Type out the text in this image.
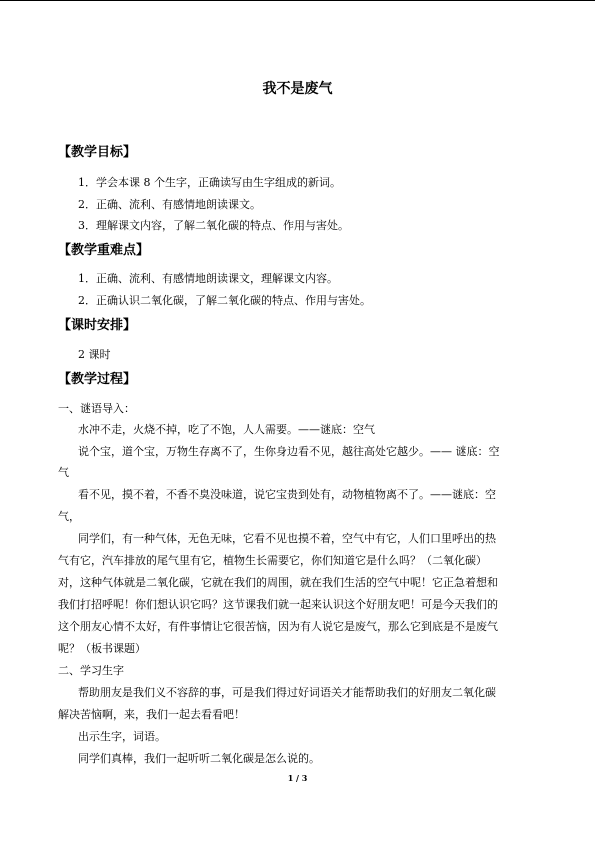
我不是废气
【教学目标】
1．学会本课 8 个生字，正确读写由生字组成的新词。
2．正确、流利、有感情地朗读课文。
3．理解课文内容，了解二氧化碳的特点、作用与害处。
【教学重难点】
1．正确、流利、有感情地朗读课文，理解课文内容。
2．正确认识二氧化碳，了解二氧化碳的特点、作用与害处。
【课时安排】
2 课时
【教学过程】
一、谜语导入：
水冲不走，火烧不掉，吃了不饱，人人需要。——谜底：空气
说个宝，道个宝，万物生存离不了，生你身边看不见，越往高处它越少。—— 谜底：空
气
看不见，摸不着，不香不臭没味道，说它宝贵到处有，动物植物离不了。——谜底：空
气，
同学们，有一种气体，无色无味，它看不见也摸不着，空气中有它，人们口里呼出的热
气有它，汽车排放的尾气里有它，植物生长需要它，你们知道它是什么吗？（二氧化碳）
对，这种气体就是二氧化碳，它就在我们的周围，就在我们生活的空气中呢！它正急着想和
我们打招呼呢！你们想认识它吗？这节课我们就一起来认识这个好朋友吧！可是今天我们的
这个朋友心情不太好，有件事情让它很苦恼，因为有人说它是废气，那么它到底是不是废气
呢？（板书课题）
二、学习生字
帮助朋友是我们义不容辞的事，可是我们得过好词语关才能帮助我们的好朋友二氧化碳
解决苦恼啊，来，我们一起去看看吧！
出示生字，词语。
同学们真棒，我们一起听听二氧化碳是怎么说的。
1 / 3
